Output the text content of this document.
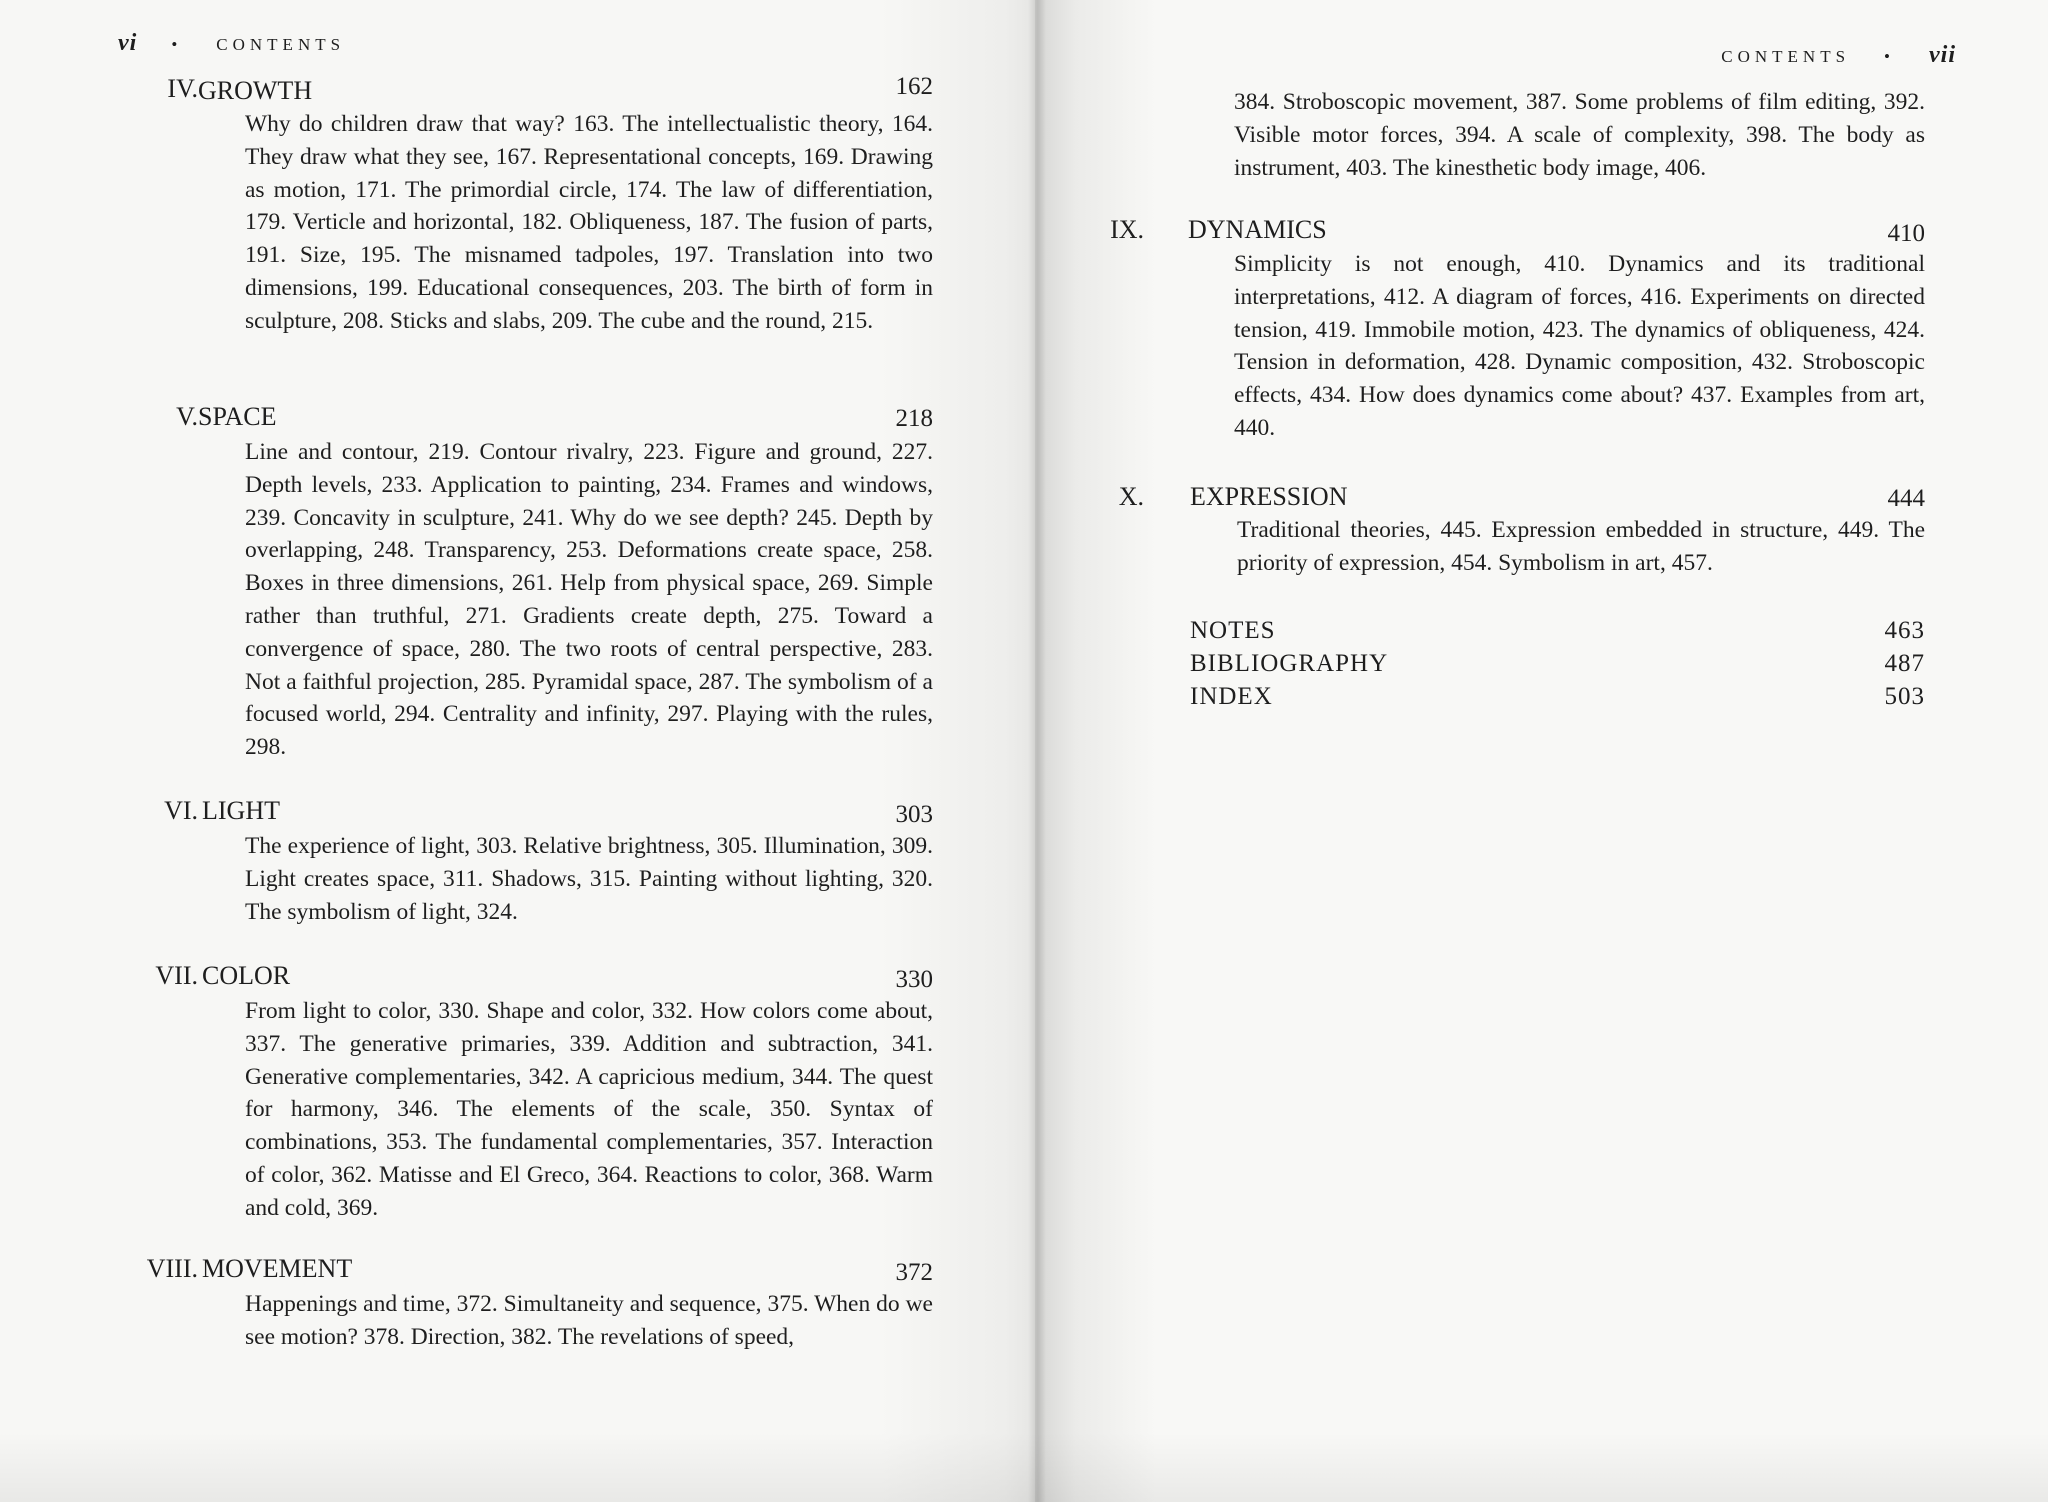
vi • CONTENTS
IV. GROWTH	162
Why do children draw that way? 163. The intellectualistic theory, 164. They draw what they see, 167. Representational concepts, 169. Drawing as motion, 171. The primordial circle, 174. The law of differentiation, 179. Verticle and horizontal, 182. Obliqueness, 187. The fusion of parts, 191. Size, 195. The misnamed tadpoles, 197. Translation into two dimensions, 199. Educational consequences, 203. The birth of form in sculpture, 208. Sticks and slabs, 209. The cube and the round, 215.
V. SPACE	218
Line and contour, 219. Contour rivalry, 223. Figure and ground, 227. Depth levels, 233. Application to painting, 234. Frames and windows, 239. Concavity in sculpture, 241. Why do we see depth? 245. Depth by overlapping, 248. Transparency, 253. Deformations create space, 258. Boxes in three dimensions, 261. Help from physical space, 269. Simple rather than truthful, 271. Gradients create depth, 275. Toward a convergence of space, 280. The two roots of central perspective, 283. Not a faithful projection, 285. Pyramidal space, 287. The symbolism of a focused world, 294. Centrality and infinity, 297. Playing with the rules, 298.
VI. LIGHT	303
The experience of light, 303. Relative brightness, 305. Illumination, 309. Light creates space, 311. Shadows, 315. Painting without lighting, 320. The symbolism of light, 324.
VII. COLOR	330
From light to color, 330. Shape and color, 332. How colors come about, 337. The generative primaries, 339. Addition and subtraction, 341. Generative complementaries, 342. A capricious medium, 344. The quest for harmony, 346. The elements of the scale, 350. Syntax of combinations, 353. The fundamental complementaries, 357. Interaction of color, 362. Matisse and El Greco, 364. Reactions to color, 368. Warm and cold, 369.
VIII. MOVEMENT	372
Happenings and time, 372. Simultaneity and sequence, 375. When do we see motion? 378. Direction, 382. The revelations of speed,
CONTENTS • vii
384. Stroboscopic movement, 387. Some problems of film editing, 392. Visible motor forces, 394. A scale of complexity, 398. The body as instrument, 403. The kinesthetic body image, 406.
IX. DYNAMICS	410
Simplicity is not enough, 410. Dynamics and its traditional interpretations, 412. A diagram of forces, 416. Experiments on directed tension, 419. Immobile motion, 423. The dynamics of obliqueness, 424. Tension in deformation, 428. Dynamic composition, 432. Stroboscopic effects, 434. How does dynamics come about? 437. Examples from art, 440.
X. EXPRESSION	444
Traditional theories, 445. Expression embedded in structure, 449. The priority of expression, 454. Symbolism in art, 457.
NOTES	463
BIBLIOGRAPHY	487
INDEX	503
